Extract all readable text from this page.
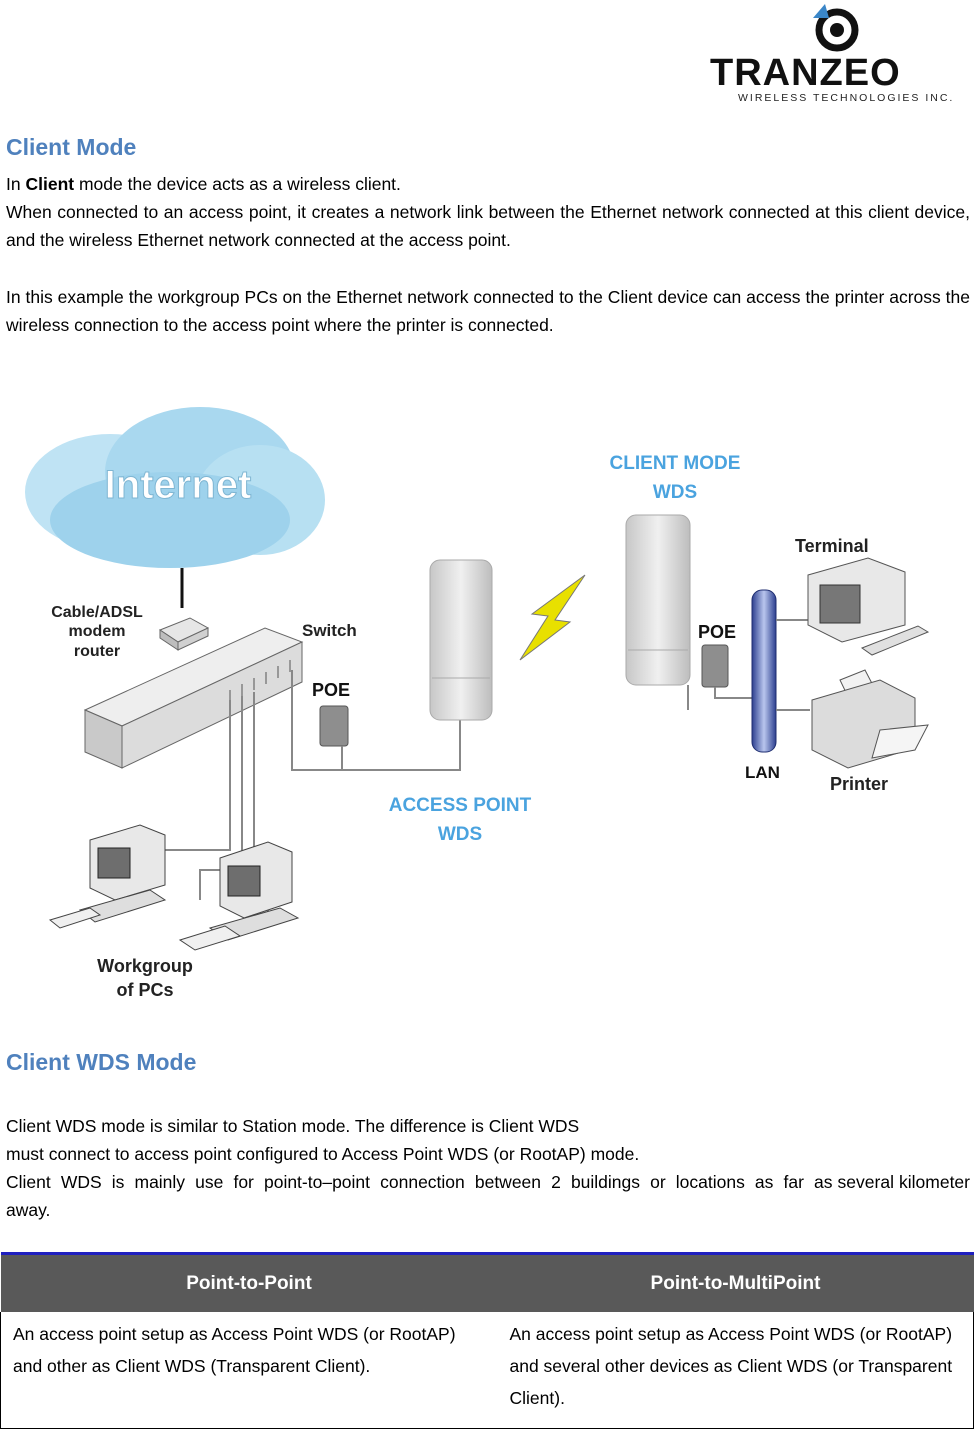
TRANZEO
WIRELESS TECHNOLOGIES INC.
Client Mode
In Client mode the device acts as a wireless client.
When connected to an access point, it creates a network link between the Ethernet network connected at this client device, and the wireless Ethernet network connected at the access point.
In this example the workgroup PCs on the Ethernet network connected to the Client device can access the printer across the wireless connection to the access point where the printer is connected.
Internet
Cable/ADSL
modem
router
Switch
POE
POE
LAN
Terminal
Printer
CLIENT MODE
WDS
ACCESS POINT
WDS
Workgroup
of PCs
Client WDS Mode
Client WDS mode is similar to Station mode. The difference is Client WDS
must connect to access point configured to Access Point WDS (or RootAP) mode.
Client  WDS  is  mainly  use  for  point-to–point  connection  between  2  buildings  or  locations  as  far  as several kilometer away.
Point-to-Point	Point-to-MultiPoint
An access point setup as Access Point WDS (or RootAP) and other as Client WDS (Transparent Client).	An access point setup as Access Point WDS (or RootAP) and several other devices as Client WDS (or Transparent Client).
